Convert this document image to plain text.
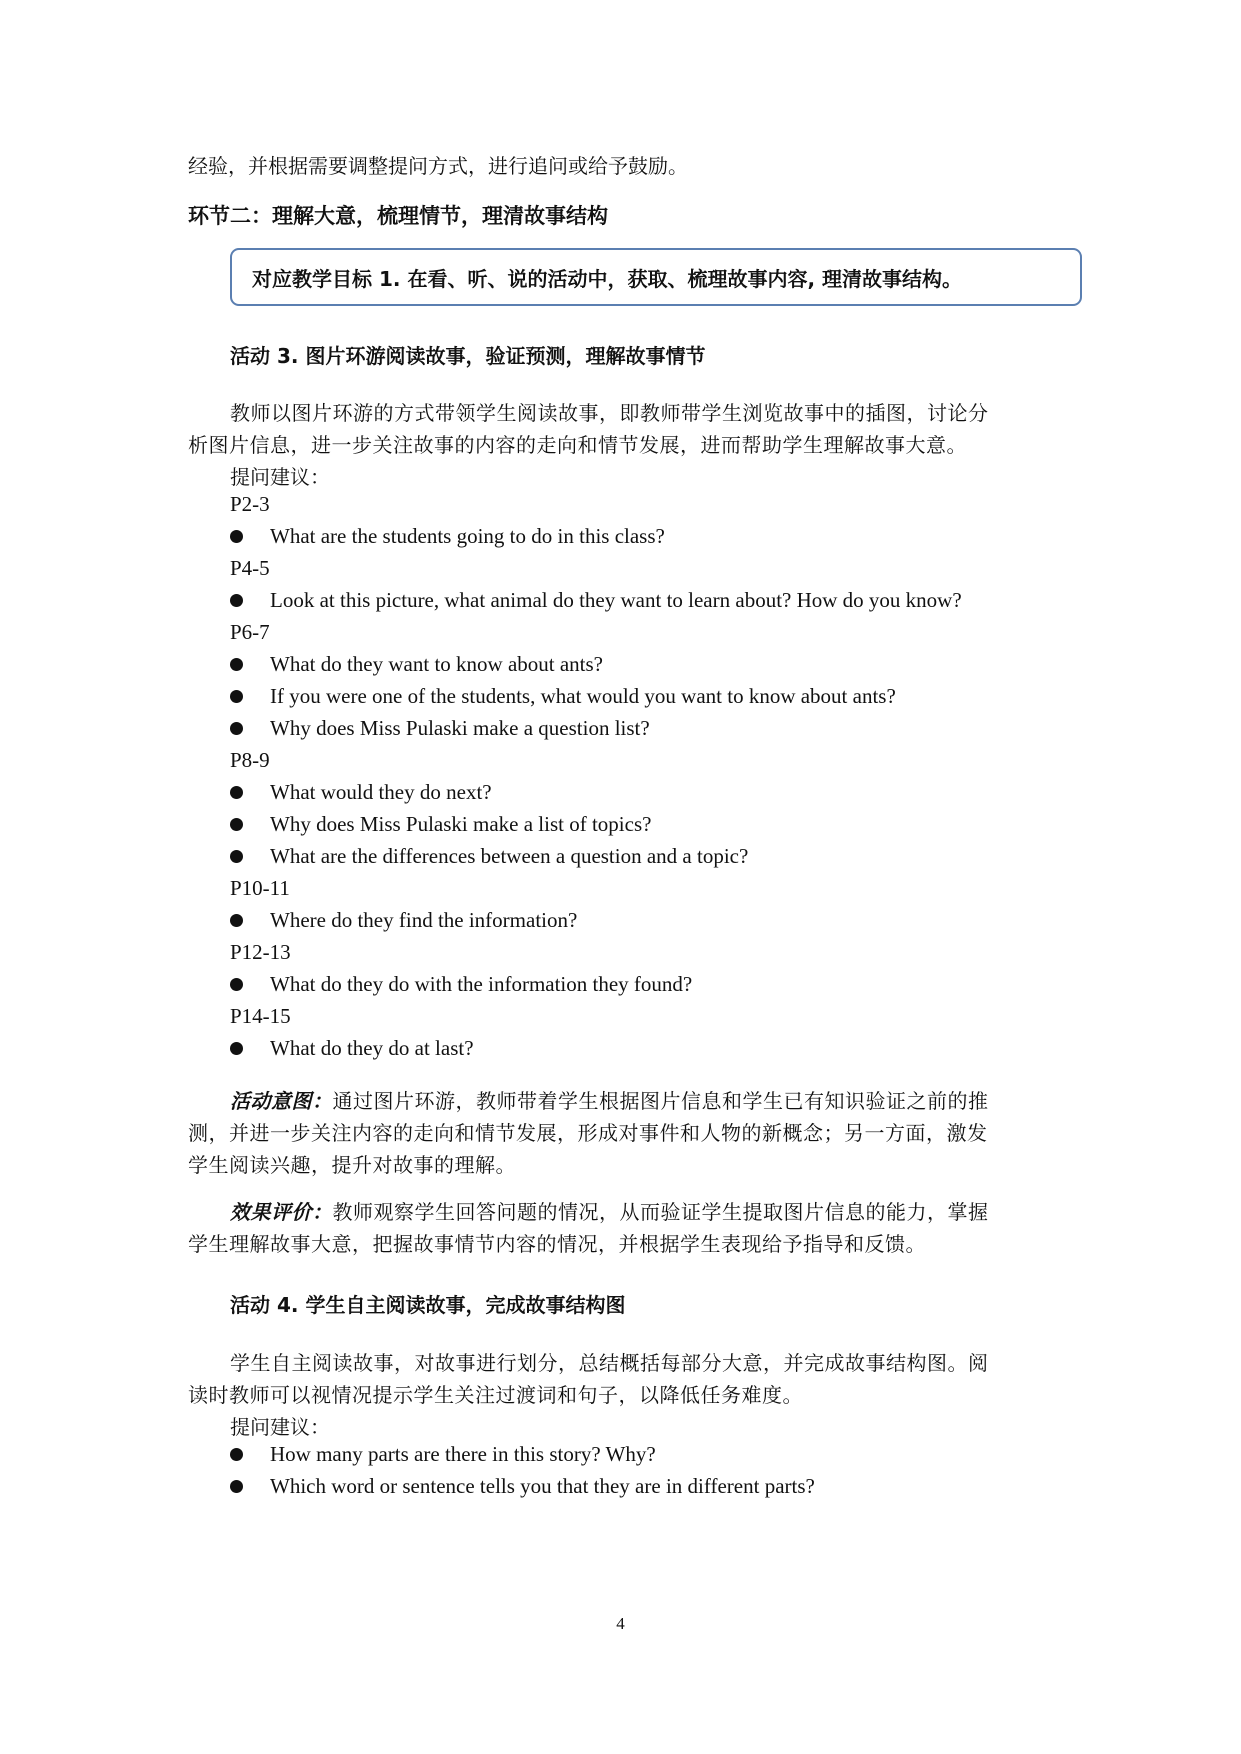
经验，并根据需要调整提问方式，进行追问或给予鼓励。
环节二：理解大意，梳理情节，理清故事结构
对应教学目标 1. 在看、听、说的活动中，获取、梳理故事内容, 理清故事结构。
活动 3. 图片环游阅读故事，验证预测，理解故事情节
教师以图片环游的方式带领学生阅读故事，即教师带学生浏览故事中的插图，讨论分
析图片信息，进一步关注故事的内容的走向和情节发展，进而帮助学生理解故事大意。
提问建议：
P2-3
What are the students going to do in this class?
P4-5
Look at this picture, what animal do they want to learn about? How do you know?
P6-7
What do they want to know about ants?
If you were one of the students, what would you want to know about ants?
Why does Miss Pulaski make a question list?
P8-9
What would they do next?
Why does Miss Pulaski make a list of topics?
What are the differences between a question and a topic?
P10-11
Where do they find the information?
P12-13
What do they do with the information they found?
P14-15
What do they do at last?
活动意图：通过图片环游，教师带着学生根据图片信息和学生已有知识验证之前的推
测，并进一步关注内容的走向和情节发展，形成对事件和人物的新概念；另一方面，激发
学生阅读兴趣，提升对故事的理解。
效果评价：教师观察学生回答问题的情况，从而验证学生提取图片信息的能力，掌握
学生理解故事大意，把握故事情节内容的情况，并根据学生表现给予指导和反馈。
活动 4. 学生自主阅读故事，完成故事结构图
学生自主阅读故事，对故事进行划分，总结概括每部分大意，并完成故事结构图。阅
读时教师可以视情况提示学生关注过渡词和句子，以降低任务难度。
提问建议：
How many parts are there in this story? Why?
Which word or sentence tells you that they are in different parts?
4
